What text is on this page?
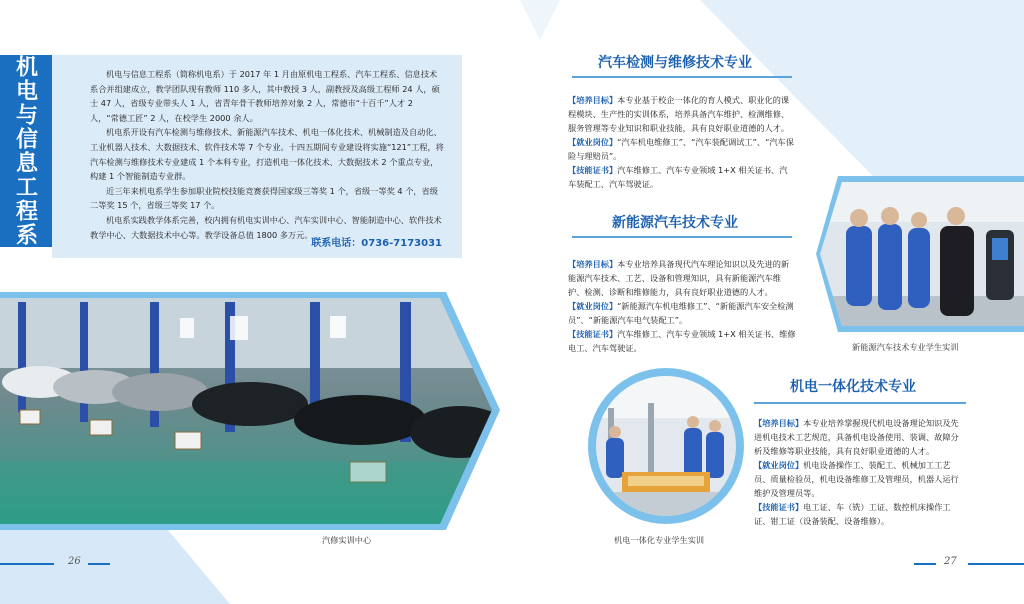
机电与信息工程系	机电与信息工程系（简称机电系）于 2017 年 1 月由原机电工程系、汽车工程系、信息技术系合并组建成立，教学团队现有教师 110 多人，其中教授 3 人，副教授及高级工程师 24 人，硕士 47 人，省级专业带头人 1 人，省青年骨干教师培养对象 2 人，常德市“十百千”人才 2 人，“常德工匠” 2 人，在校学生 2000 余人。

机电系开设有汽车检测与维修技术、新能源汽车技术、机电一体化技术、机械制造及自动化、工业机器人技术、大数据技术、软件技术等 7 个专业。十四五期间专业建设将实施“121”工程，将汽车检测与维修技术专业建成 1 个本科专业，打造机电一体化技术、大数据技术 2 个重点专业，构建 1 个智能制造专业群。

近三年来机电系学生参加职业院校技能竞赛获得国家级三等奖 1 个，省级一等奖 4 个，省级二等奖 15 个，省级三等奖 17 个。

机电系实践教学体系完善，校内拥有机电实训中心、汽车实训中心、智能制造中心、软件技术教学中心、大数据技术中心等。教学设备总值 1800 多万元。

联系电话：0736-7173031
汽车检测与维修技术专业

【培养目标】本专业基于校企一体化的育人模式、职业化的课程模块、生产性的实训体系，培养具备汽车维护、检测维修、服务管理等专业知识和职业技能，具有良好职业道德的人才。

【就业岗位】“汽车机电维修工”、“汽车装配调试工”、“汽车保险与理赔员”。

【技能证书】汽车维修工、汽车专业领域 1+X 相关证书、汽车装配工、汽车驾驶证。

新能源汽车技术专业

【培养目标】本专业培养具备现代汽车理论知识以及先进的新能源汽车技术、工艺、设备和管理知识，具有新能源汽车维护、检测、诊断和维修能力，具有良好职业道德的人才。

【就业岗位】“新能源汽车机电维修工”、“新能源汽车安全检测员”、“新能源汽车电气装配工”。

【技能证书】汽车维修工、汽车专业领域 1+X 相关证书、维修电工、汽车驾驶证。

机电一体化技术专业

【培养目标】本专业培养掌握现代机电设备理论知识及先进机电技术工艺规范，具备机电设备使用、装调、故障分析及维修等职业技能，具有良好职业道德的人才。

【就业岗位】机电设备操作工、装配工、机械加工工艺员、质量检验员，机电设备维修工及管理员，机器人运行维护及管理员等。

【技能证书】电工证、车（铣）工证、数控机床操作工证、钳工证（设备装配、设备维修）。

汽修实训中心
新能源汽车技术专业学生实训
机电一体化专业学生实训
26	27
